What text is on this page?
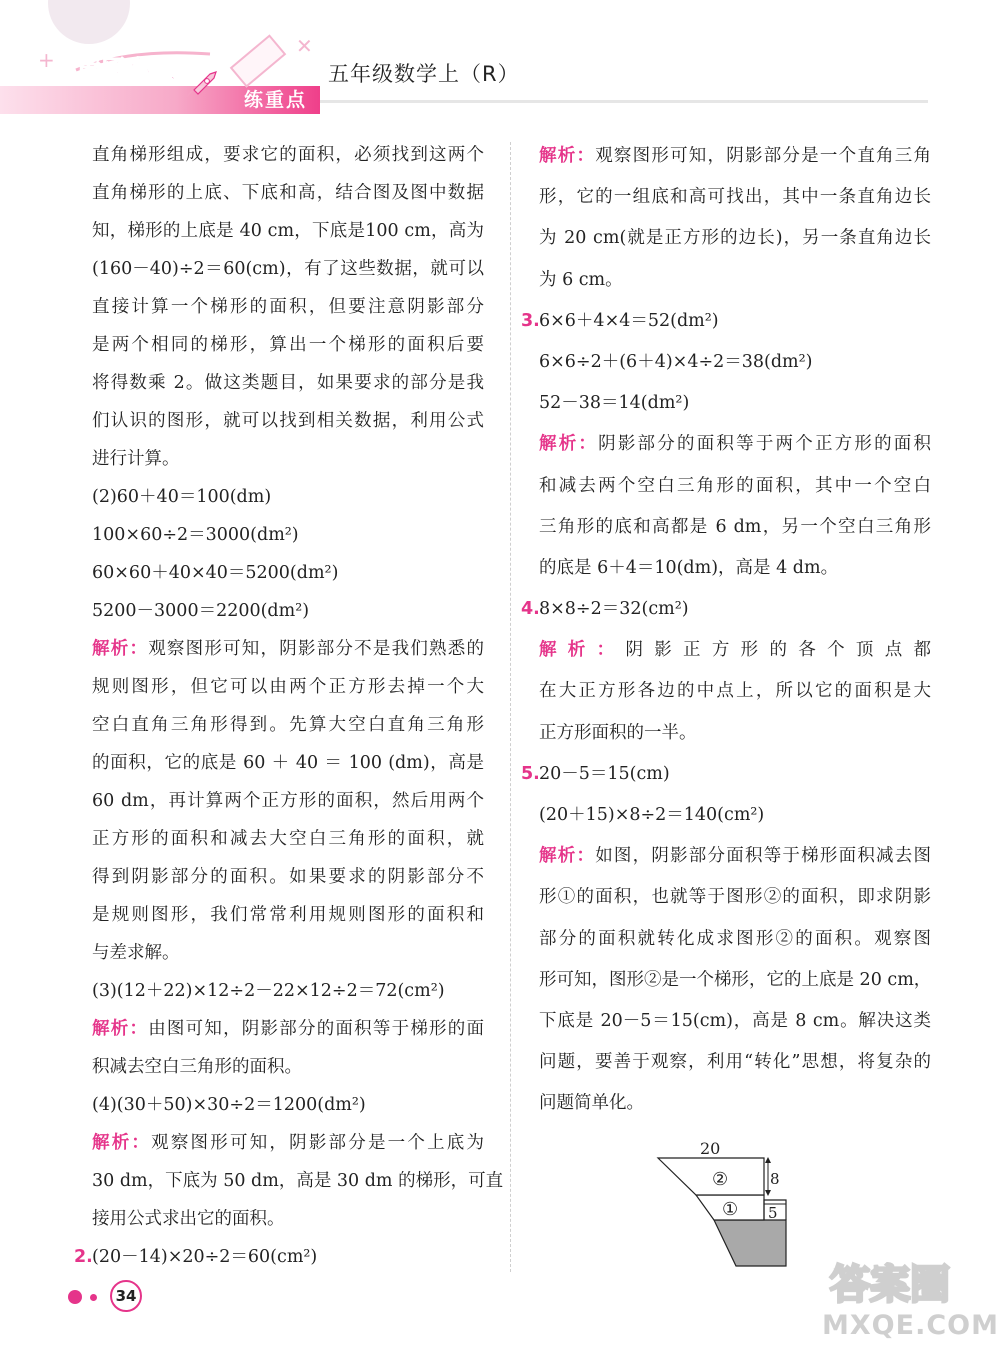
+
✕
黄冈小状元
练重点
五年级数学上（R）
直角梯形组成，要求它的面积，必须找到这两个
直角梯形的上底、下底和高，结合图及图中数据
知，梯形的上底是 40 cm，下底是100 cm，高为
(160－40)÷2＝60(cm)，有了这些数据，就可以
直接计算一个梯形的面积，但要注意阴影部分
是两个相同的梯形，算出一个梯形的面积后要
将得数乘 2。做这类题目，如果要求的部分是我
们认识的图形，就可以找到相关数据，利用公式
进行计算。
(2)60＋40＝100(dm)
100×60÷2＝3000(dm²)
60×60＋40×40＝5200(dm²)
5200－3000＝2200(dm²)
解析：观察图形可知，阴影部分不是我们熟悉的
规则图形，但它可以由两个正方形去掉一个大
空白直角三角形得到。先算大空白直角三角形
的面积，它的底是 60 ＋ 40 ＝ 100 (dm)，高是
60 dm，再计算两个正方形的面积，然后用两个
正方形的面积和减去大空白三角形的面积，就
得到阴影部分的面积。如果要求的阴影部分不
是规则图形，我们常常利用规则图形的面积和
与差求解。
(3)(12＋22)×12÷2－22×12÷2＝72(cm²)
解析：由图可知，阴影部分的面积等于梯形的面
积减去空白三角形的面积。
(4)(30＋50)×30÷2＝1200(dm²)
解析：观察图形可知，阴影部分是一个上底为
30 dm，下底为 50 dm，高是 30 dm 的梯形，可直
接用公式求出它的面积。
2.(20－14)×20÷2＝60(cm²)
解析：观察图形可知，阴影部分是一个直角三角
形，它的一组底和高可找出，其中一条直角边长
为 20 cm(就是正方形的边长)，另一条直角边长
为 6 cm。
3.6×6＋4×4＝52(dm²)
6×6÷2＋(6＋4)×4÷2＝38(dm²)
52－38＝14(dm²)
解析：阴影部分的面积等于两个正方形的面积
和减去两个空白三角形的面积，其中一个空白
三角形的底和高都是 6 dm，另一个空白三角形
的底是 6＋4＝10(dm)，高是 4 dm。
4.8×8÷2＝32(cm²)
解析：阴影正方形的各个顶点都
在大正方形各边的中点上，所以它的面积是大
正方形面积的一半。
5.20－5＝15(cm)
(20＋15)×8÷2＝140(cm²)
解析：如图，阴影部分面积等于梯形面积减去图
形①的面积，也就等于图形②的面积，即求阴影
部分的面积就转化成求图形②的面积。观察图
形可知，图形②是一个梯形，它的上底是 20 cm，
下底是 20－5＝15(cm)，高是 8 cm。解决这类
问题，要善于观察，利用“转化”思想，将复杂的
问题简单化。
20
8
5
②
①
34	答案圈
MXQE.COM
